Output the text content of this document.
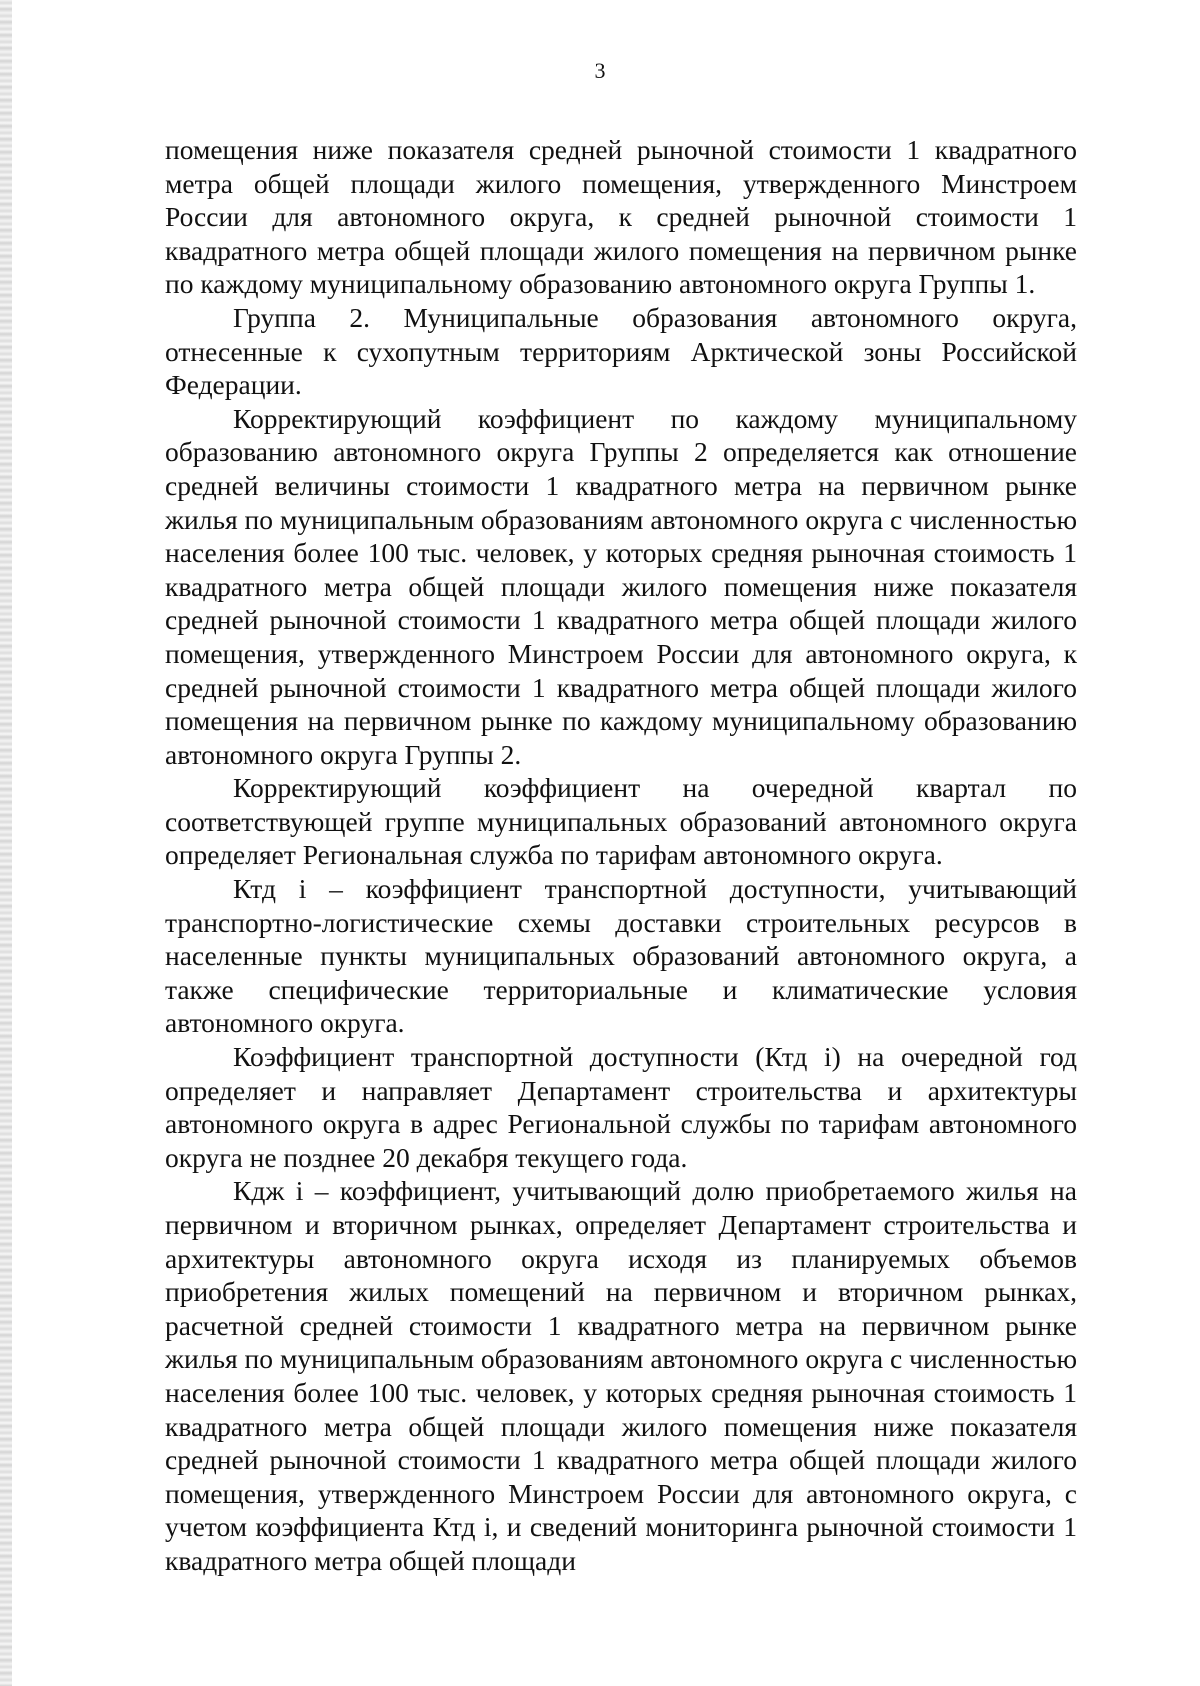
3

помещения ниже показателя средней рыночной стоимости 1 квадратного метра общей площади жилого помещения, утвержденного Минстроем России для автономного округа, к средней рыночной стоимости 1 квадратного метра общей площади жилого помещения на первичном рынке по каждому муниципальному образованию автономного округа Группы 1.

Группа 2. Муниципальные образования автономного округа, отнесенные к сухопутным территориям Арктической зоны Российской Федерации.

Корректирующий коэффициент по каждому муниципальному образованию автономного округа Группы 2 определяется как отношение средней величины стоимости 1 квадратного метра на первичном рынке жилья по муниципальным образованиям автономного округа с численностью населения более 100 тыс. человек, у которых средняя рыночная стоимость 1 квадратного метра общей площади жилого помещения ниже показателя средней рыночной стоимости 1 квадратного метра общей площади жилого помещения, утвержденного Минстроем России для автономного округа, к средней рыночной стоимости 1 квадратного метра общей площади жилого помещения на первичном рынке по каждому муниципальному образованию автономного округа Группы 2.

Корректирующий коэффициент на очередной квартал по соответствующей группе муниципальных образований автономного округа определяет Региональная служба по тарифам автономного округа.

Ктд i – коэффициент транспортной доступности, учитывающий транспортно-логистические схемы доставки строительных ресурсов в населенные пункты муниципальных образований автономного округа, а также специфические территориальные и климатические условия автономного округа.

Коэффициент транспортной доступности (Ктд i) на очередной год определяет и направляет Департамент строительства и архитектуры автономного округа в адрес Региональной службы по тарифам автономного округа не позднее 20 декабря текущего года.

Кдж i – коэффициент, учитывающий долю приобретаемого жилья на первичном и вторичном рынках, определяет Департамент строительства и архитектуры автономного округа исходя из планируемых объемов приобретения жилых помещений на первичном и вторичном рынках, расчетной средней стоимости 1 квадратного метра на первичном рынке жилья по муниципальным образованиям автономного округа с численностью населения более 100 тыс. человек, у которых средняя рыночная стоимость 1 квадратного метра общей площади жилого помещения ниже показателя средней рыночной стоимости 1 квадратного метра общей площади жилого помещения, утвержденного Минстроем России для автономного округа, с учетом коэффициента Ктд i, и сведений мониторинга рыночной стоимости 1 квадратного метра общей площади
